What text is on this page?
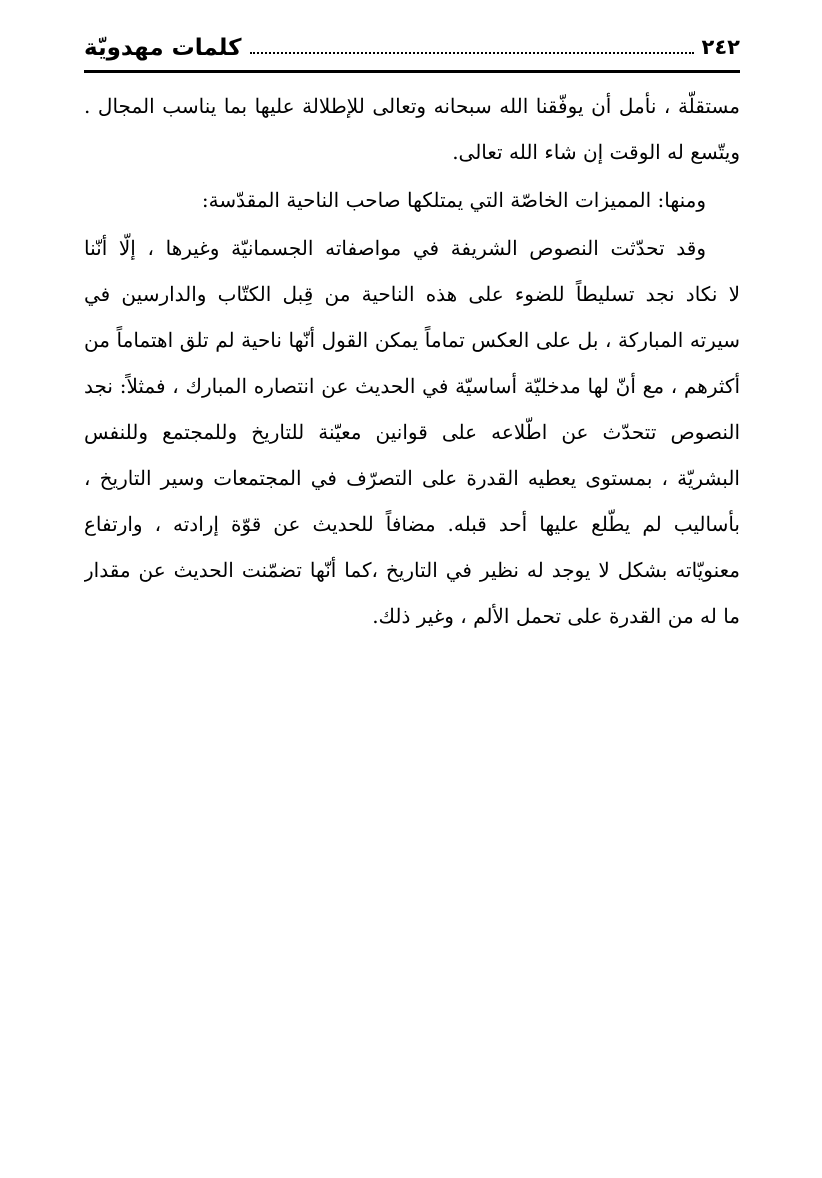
٢٤٢
كلمات مهدويّة
مستقلّة ، نأمل أن يوفّقنا الله سبحانه وتعالى للإطلالة عليها بما يناسب المجال .
ويتّسع له الوقت إن شاء الله تعالى.
ومنها: المميزات الخاصّة التي يمتلكها صاحب الناحية المقدّسة:
وقد تحدّثت النصوص الشريفة في مواصفاته الجسمانيّة وغيرها ، إلّا أنّنا
لا نكاد نجد تسليطاً للضوء على هذه الناحية من قِبل الكتّاب والدارسين في
سيرته المباركة ، بل على العكس تماماً يمكن القول أنّها ناحية لم تلق اهتماماً من
أكثرهم ، مع أنّ لها مدخليّة أساسيّة في الحديث عن انتصاره المبارك ، فمثلاً: نجد
النصوص تتحدّث عن اطّلاعه على قوانين معيّنة للتاريخ وللمجتمع وللنفس
البشريّة ، بمستوى يعطيه القدرة على التصرّف في المجتمعات وسير التاريخ ،
بأساليب لم يطّلع عليها أحد قبله. مضافاً للحديث عن قوّة إرادته ، وارتفاع
معنويّاته بشكل لا يوجد له نظير في التاريخ ،كما أنّها تضمّنت الحديث عن مقدار
ما له من القدرة على تحمل الألم ، وغير ذلك.
